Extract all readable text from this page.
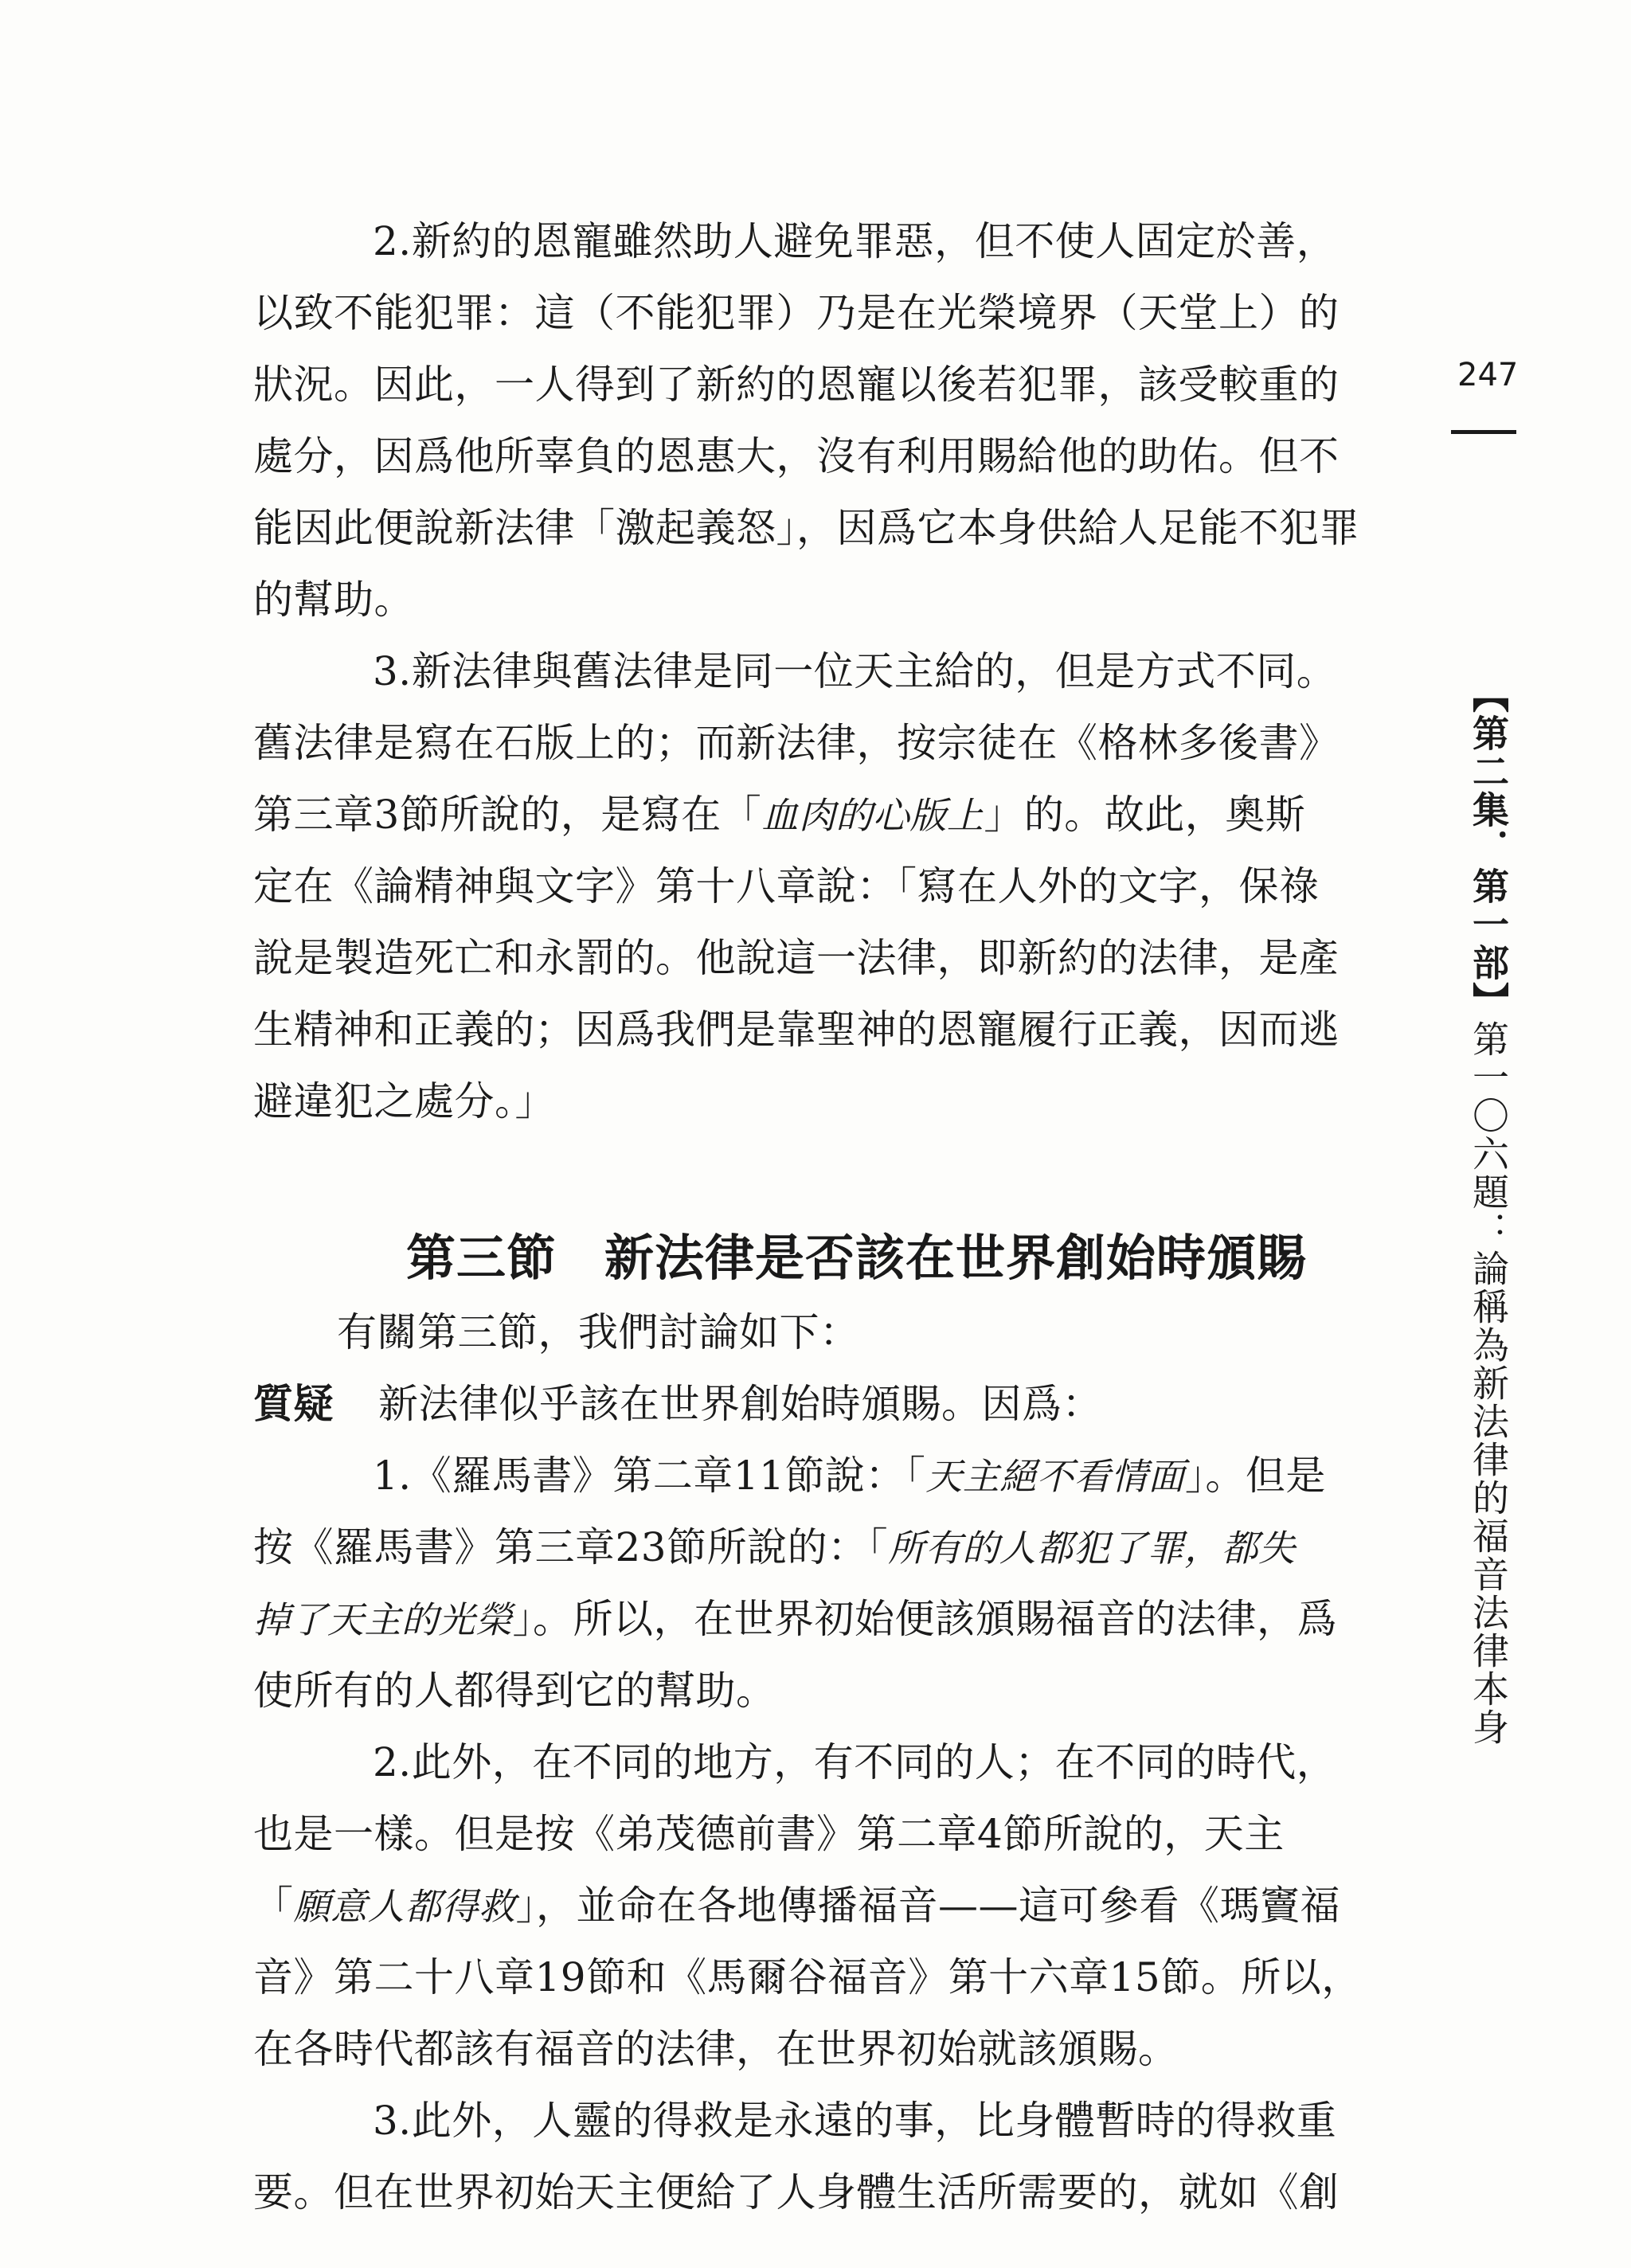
2.新約的恩寵雖然助人避免罪惡，但不使人固定於善，
以致不能犯罪：這（不能犯罪）乃是在光榮境界（天堂上）的
狀況。因此，一人得到了新約的恩寵以後若犯罪，該受較重的
處分，因爲他所辜負的恩惠大，沒有利用賜給他的助佑。但不
能因此便說新法律「激起義怒」，因爲它本身供給人足能不犯罪
的幫助。
3.新法律與舊法律是同一位天主給的，但是方式不同。
舊法律是寫在石版上的；而新法律，按宗徒在《格林多後書》
第三章3節所說的，是寫在「血肉的心版上」的。故此，奧斯
定在《論精神與文字》第十八章說：「寫在人外的文字，保祿
說是製造死亡和永罰的。他說這一法律，即新約的法律，是產
生精神和正義的；因爲我們是靠聖神的恩寵履行正義，因而逃
避違犯之處分。」
第三節 新法律是否該在世界創始時頒賜
有關第三節，我們討論如下：
質疑 新法律似乎該在世界創始時頒賜。因爲：
1.《羅馬書》第二章11節說：「天主絕不看情面」。但是
按《羅馬書》第三章23節所說的：「所有的人都犯了罪，都失
掉了天主的光榮」。所以，在世界初始便該頒賜福音的法律，爲
使所有的人都得到它的幫助。
2.此外，在不同的地方，有不同的人；在不同的時代，
也是一樣。但是按《弟茂德前書》第二章4節所說的，天主
「願意人都得救」，並命在各地傳播福音——這可參看《瑪竇福
音》第二十八章19節和《馬爾谷福音》第十六章15節。所以，
在各時代都該有福音的法律，在世界初始就該頒賜。
3.此外，人靈的得救是永遠的事，比身體暫時的得救重
要。但在世界初始天主便給了人身體生活所需要的，就如《創
247
【第二集．第一部】第一〇六題：論稱為新法律的福音法律本身
